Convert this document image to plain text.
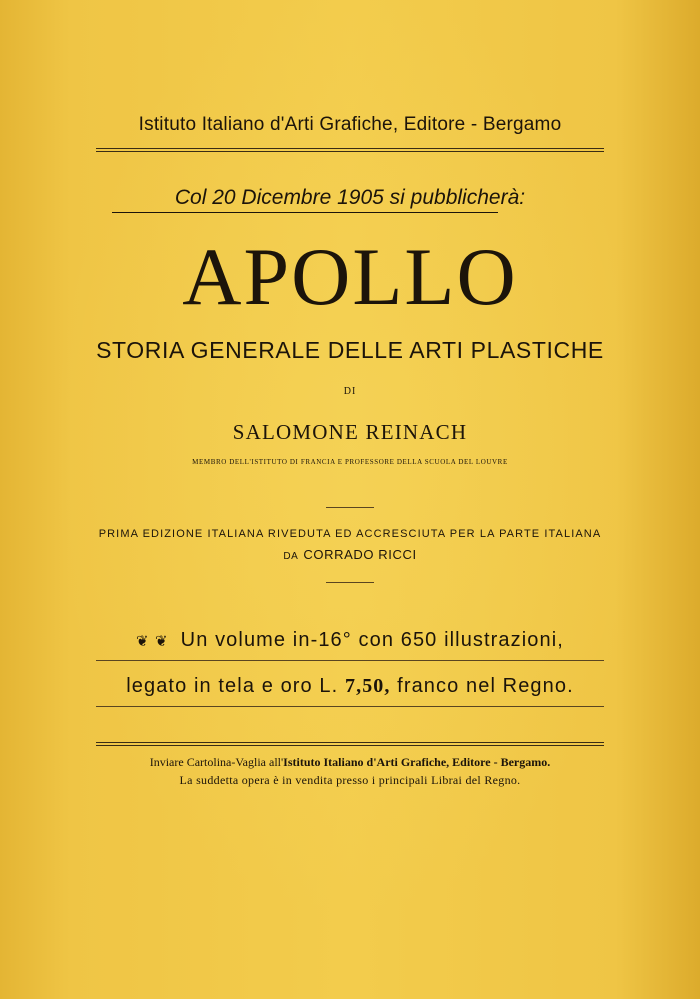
Istituto Italiano d'Arti Grafiche, Editore - Bergamo
Col 20 Dicembre 1905 si pubblicherà:
APOLLO
STORIA GENERALE DELLE ARTI PLASTICHE
DI
SALOMONE REINACH
MEMBRO DELL'ISTITUTO DI FRANCIA E PROFESSORE DELLA SCUOLA DEL LOUVRE
PRIMA EDIZIONE ITALIANA RIVEDUTA ED ACCRESCIUTA PER LA PARTE ITALIANA
DA CORRADO RICCI
❦ ❦ Un volume in-16° con 650 illustrazioni,
legato in tela e oro L. 7,50, franco nel Regno.
Inviare Cartolina-Vaglia all'Istituto Italiano d'Arti Grafiche, Editore - Bergamo.
La suddetta opera è in vendita presso i principali Librai del Regno.
